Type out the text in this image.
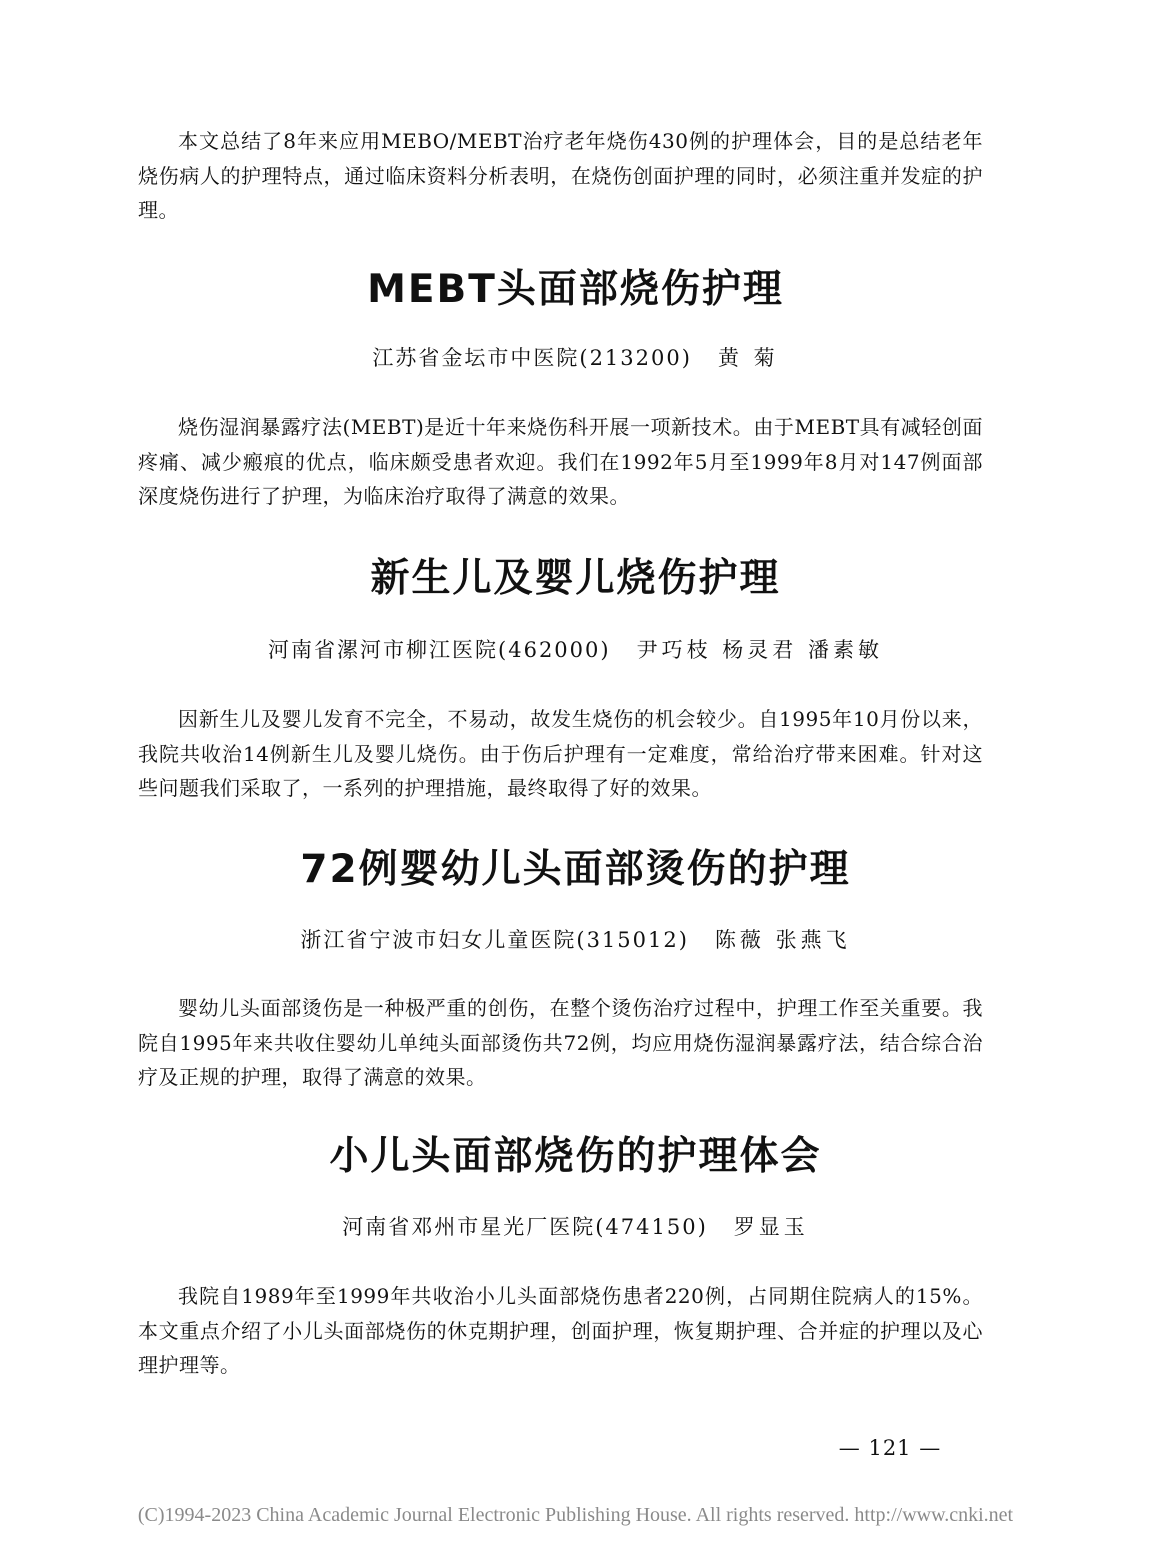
本文总结了8年来应用MEBO/MEBT治疗老年烧伤430例的护理体会，目的是总结老年烧伤病人的护理特点，通过临床资料分析表明，在烧伤创面护理的同时，必须注重并发症的护理。

MEBT头面部烧伤护理
江苏省金坛市中医院(213200) 黄 菊

烧伤湿润暴露疗法(MEBT)是近十年来烧伤科开展一项新技术。由于MEBT具有减轻创面疼痛、减少瘢痕的优点，临床颇受患者欢迎。我们在1992年5月至1999年8月对147例面部深度烧伤进行了护理，为临床治疗取得了满意的效果。

新生儿及婴儿烧伤护理
河南省漯河市柳江医院(462000) 尹巧枝 杨灵君 潘素敏

因新生儿及婴儿发育不完全，不易动，故发生烧伤的机会较少。自1995年10月份以来，我院共收治14例新生儿及婴儿烧伤。由于伤后护理有一定难度，常给治疗带来困难。针对这些问题我们采取了，一系列的护理措施，最终取得了好的效果。

72例婴幼儿头面部烫伤的护理
浙江省宁波市妇女儿童医院(315012) 陈薇 张燕飞

婴幼儿头面部烫伤是一种极严重的创伤，在整个烫伤治疗过程中，护理工作至关重要。我院自1995年来共收住婴幼儿单纯头面部烫伤共72例，均应用烧伤湿润暴露疗法，结合综合治疗及正规的护理，取得了满意的效果。

小儿头面部烧伤的护理体会
河南省邓州市星光厂医院(474150) 罗显玉

我院自1989年至1999年共收治小儿头面部烧伤患者220例，占同期住院病人的15%。本文重点介绍了小儿头面部烧伤的休克期护理，创面护理，恢复期护理、合并症的护理以及心理护理等。

— 121 —
(C)1994-2023 China Academic Journal Electronic Publishing House. All rights reserved. http://www.cnki.net
